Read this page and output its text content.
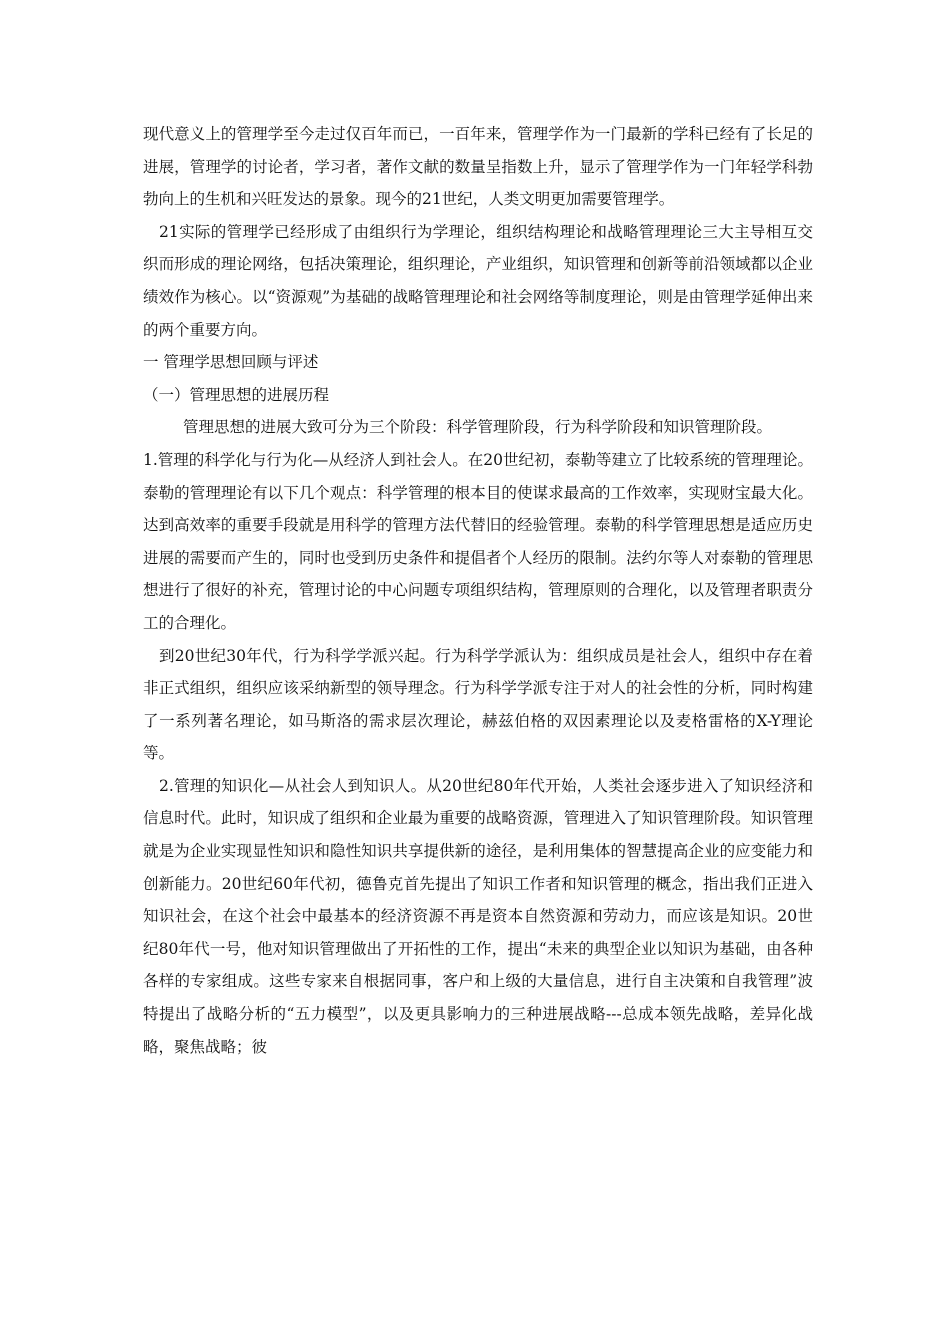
现代意义上的管理学至今走过仅百年而已，一百年来，管理学作为一门最新的学科已经有了长足的进展，管理学的讨论者，学习者，著作文献的数量呈指数上升，显示了管理学作为一门年轻学科勃勃向上的生机和兴旺发达的景象。现今的21世纪，人类文明更加需要管理学。

21实际的管理学已经形成了由组织行为学理论，组织结构理论和战略管理理论三大主导相互交织而形成的理论网络，包括决策理论，组织理论，产业组织，知识管理和创新等前沿领域都以企业绩效作为核心。以“资源观”为基础的战略管理理论和社会网络等制度理论，则是由管理学延伸出来的两个重要方向。

一 管理学思想回顾与评述

（一）管理思想的进展历程

管理思想的进展大致可分为三个阶段：科学管理阶段，行为科学阶段和知识管理阶段。

1.管理的科学化与行为化—从经济人到社会人。在20世纪初，泰勒等建立了比较系统的管理理论。泰勒的管理理论有以下几个观点：科学管理的根本目的使谋求最高的工作效率，实现财宝最大化。达到高效率的重要手段就是用科学的管理方法代替旧的经验管理。泰勒的科学管理思想是适应历史进展的需要而产生的，同时也受到历史条件和提倡者个人经历的限制。法约尔等人对泰勒的管理思想进行了很好的补充，管理讨论的中心问题专项组织结构，管理原则的合理化，以及管理者职责分工的合理化。

到20世纪30年代，行为科学学派兴起。行为科学学派认为：组织成员是社会人，组织中存在着非正式组织，组织应该采纳新型的领导理念。行为科学学派专注于对人的社会性的分析，同时构建了一系列著名理论，如马斯洛的需求层次理论，赫兹伯格的双因素理论以及麦格雷格的X-Y理论等。

2.管理的知识化—从社会人到知识人。从20世纪80年代开始，人类社会逐步进入了知识经济和信息时代。此时，知识成了组织和企业最为重要的战略资源，管理进入了知识管理阶段。知识管理就是为企业实现显性知识和隐性知识共享提供新的途径，是利用集体的智慧提高企业的应变能力和创新能力。20世纪60年代初，德鲁克首先提出了知识工作者和知识管理的概念，指出我们正进入知识社会，在这个社会中最基本的经济资源不再是资本自然资源和劳动力，而应该是知识。20世纪80年代一号，他对知识管理做出了开拓性的工作，提出“未来的典型企业以知识为基础，由各种各样的专家组成。这些专家来自根据同事，客户和上级的大量信息，进行自主决策和自我管理”波特提出了战略分析的“五力模型”，以及更具影响力的三种进展战略---总成本领先战略，差异化战略，聚焦战略；彼
